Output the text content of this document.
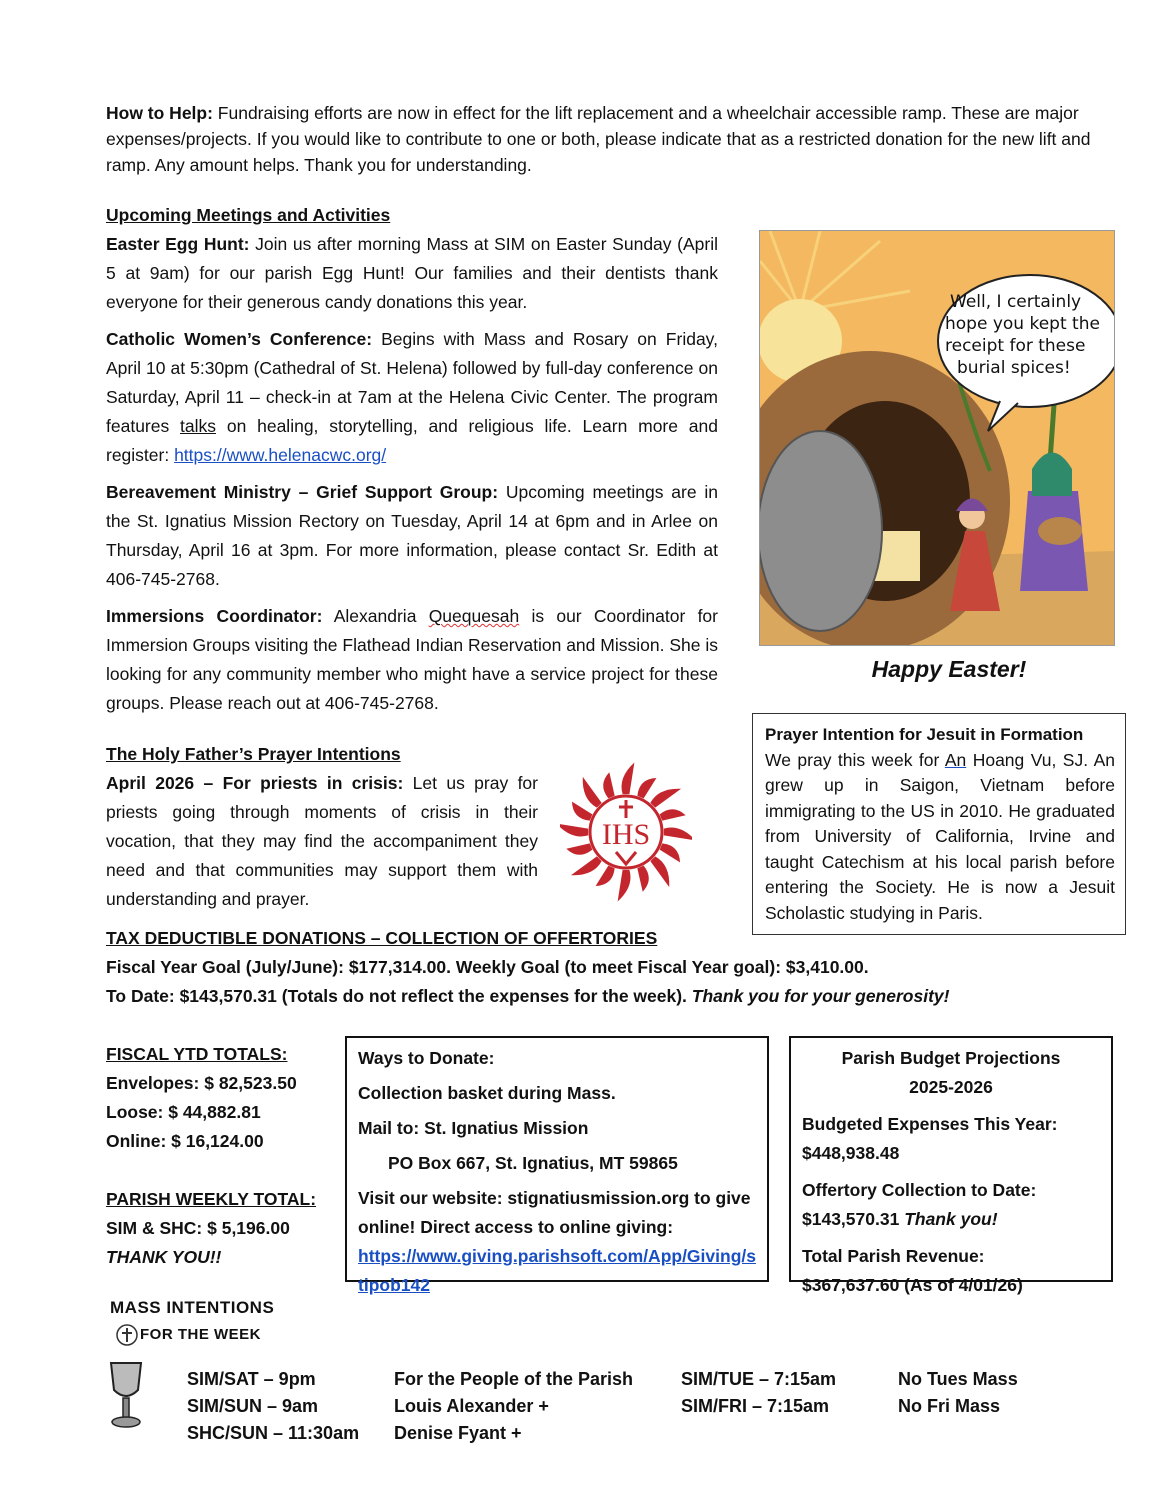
How to Help: Fundraising efforts are now in effect for the lift replacement and a wheelchair accessible ramp. These are major expenses/projects. If you would like to contribute to one or both, please indicate that as a restricted donation for the new lift and ramp. Any amount helps. Thank you for understanding.

Upcoming Meetings and Activities

Easter Egg Hunt: Join us after morning Mass at SIM on Easter Sunday (April 5 at 9am) for our parish Egg Hunt! Our families and their dentists thank everyone for their generous candy donations this year.

Catholic Women’s Conference: Begins with Mass and Rosary on Friday, April 10 at 5:30pm (Cathedral of St. Helena) followed by full-day conference on Saturday, April 11 – check-in at 7am at the Helena Civic Center. The program features talks on healing, storytelling, and religious life. Learn more and register: https://www.helenacwc.org/

Bereavement Ministry – Grief Support Group: Upcoming meetings are in the St. Ignatius Mission Rectory on Tuesday, April 14 at 6pm and in Arlee on Thursday, April 16 at 3pm. For more information, please contact Sr. Edith at 406-745-2768.

Immersions Coordinator: Alexandria Quequesah is our Coordinator for Immersion Groups visiting the Flathead Indian Reservation and Mission. She is looking for any community member who might have a service project for these groups. Please reach out at 406-745-2768.

Well, I certainly
hope you kept the
receipt for these
burial spices!
Happy Easter!

Prayer Intention for Jesuit in Formation

We pray this week for An Hoang Vu, SJ. An grew up in Saigon, Vietnam before immigrating to the US in 2010. He graduated from University of California, Irvine and taught Catechism at his local parish before entering the Society. He is now a Jesuit Scholastic studying in Paris.

The Holy Father’s Prayer Intentions

April 2026 – For priests in crisis: Let us pray for priests going through moments of crisis in their vocation, that they may find the accompaniment they need and that communities may support them with understanding and prayer.

IHS

TAX DEDUCTIBLE DONATIONS – COLLECTION OF OFFERTORIES

Fiscal Year Goal (July/June): $177,314.00. Weekly Goal (to meet Fiscal Year goal): $3,410.00.

To Date: $143,570.31 (Totals do not reflect the expenses for the week). Thank you for your generosity!

FISCAL YTD TOTALS:

Envelopes: $ 82,523.50

Loose: $ 44,882.81

Online: $ 16,124.00

PARISH WEEKLY TOTAL:

SIM & SHC: $ 5,196.00

THANK YOU!!

Ways to Donate:

Collection basket during Mass.

Mail to: St. Ignatius Mission

PO Box 667, St. Ignatius, MT 59865

Visit our website: stignatiusmission.org to give online! Direct access to online giving:

https://www.giving.parishsoft.com/App/Giving/stipob142

Parish Budget Projections

2025-2026

Budgeted Expenses This Year:

$448,938.48

Offertory Collection to Date:

$143,570.31 Thank you!

Total Parish Revenue:

$367,637.60 (As of 4/01/26)

MASS INTENTIONS
FOR THE WEEK

SIM/SAT – 9pm

SIM/SUN – 9am

SHC/SUN – 11:30am

For the People of the Parish

Louis Alexander +

Denise Fyant +

SIM/TUE – 7:15am

SIM/FRI – 7:15am

No Tues Mass

No Fri Mass
